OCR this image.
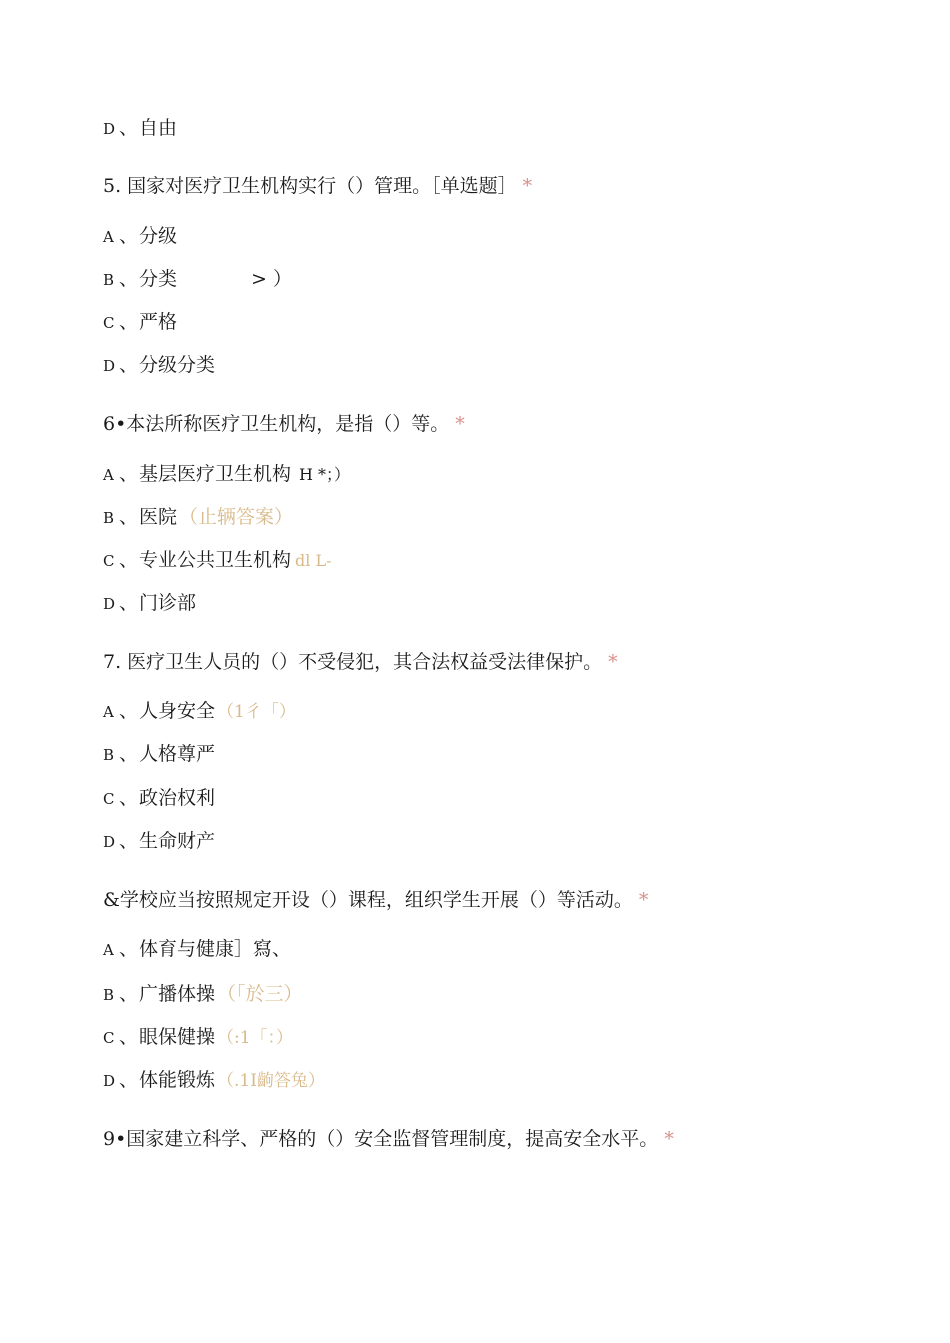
D 、自由
5. 国家对医疗卫生机构实行（）管理。［单选题］ *
A 、分级
B 、分类	> ）
C 、严格
D 、分级分类
6•本法所称医疗卫生机构，是指（）等。 *
A 、基层医疗卫生机构 H *；）
B 、医院 （止辆答案）
C 、专业公共卫生机构 dl L-
D 、门诊部
7. 医疗卫生人员的（）不受侵犯，其合法权益受法律保护。 *
A 、人身安全 （1彳「）
B 、人格尊严
C 、政治权利
D 、生命财产
&学校应当按照规定开设（）课程，组织学生开展（）等活动。 *
A 、体育与健康］寫、
B 、广播体操 （「於三）
C 、眼保健操 （:1「：）
D 、体能锻炼 （.1I齣答兔）
9•国家建立科学、严格的（）安全监督管理制度，提高安全水平。 *
